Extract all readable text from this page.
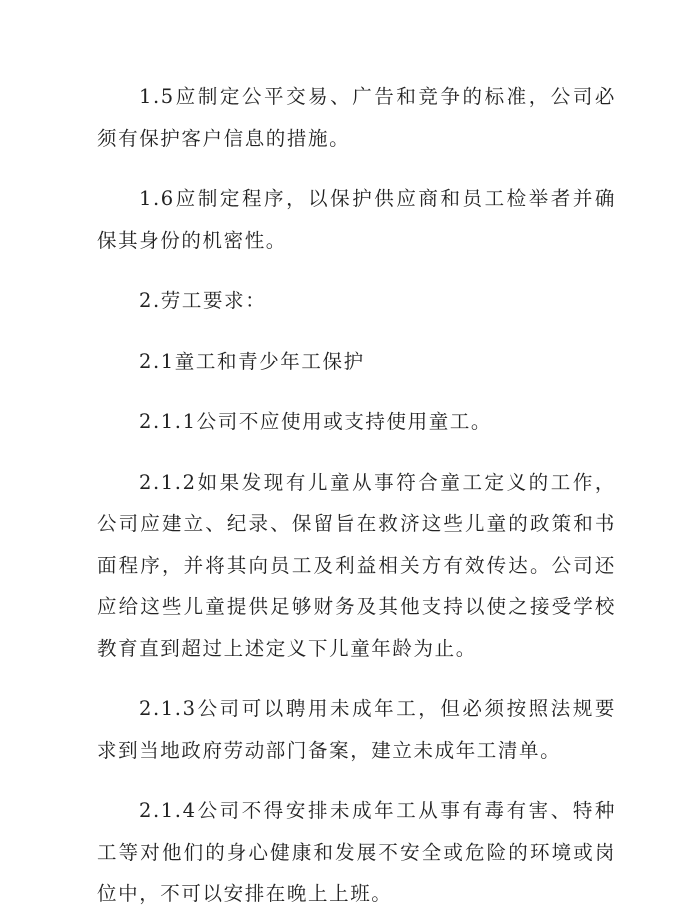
1.5应制定公平交易、广告和竞争的标准，公司必须有保护客户信息的措施。

1.6应制定程序，以保护供应商和员工检举者并确保其身份的机密性。

2.劳工要求：

2.1童工和青少年工保护

2.1.1公司不应使用或支持使用童工。

2.1.2如果发现有儿童从事符合童工定义的工作，公司应建立、纪录、保留旨在救济这些儿童的政策和书面程序，并将其向员工及利益相关方有效传达。公司还应给这些儿童提供足够财务及其他支持以使之接受学校教育直到超过上述定义下儿童年龄为止。

2.1.3公司可以聘用未成年工，但必须按照法规要求到当地政府劳动部门备案，建立未成年工清单。

2.1.4公司不得安排未成年工从事有毒有害、特种工等对他们的身心健康和发展不安全或危险的环境或岗位中，不可以安排在晚上上班。
